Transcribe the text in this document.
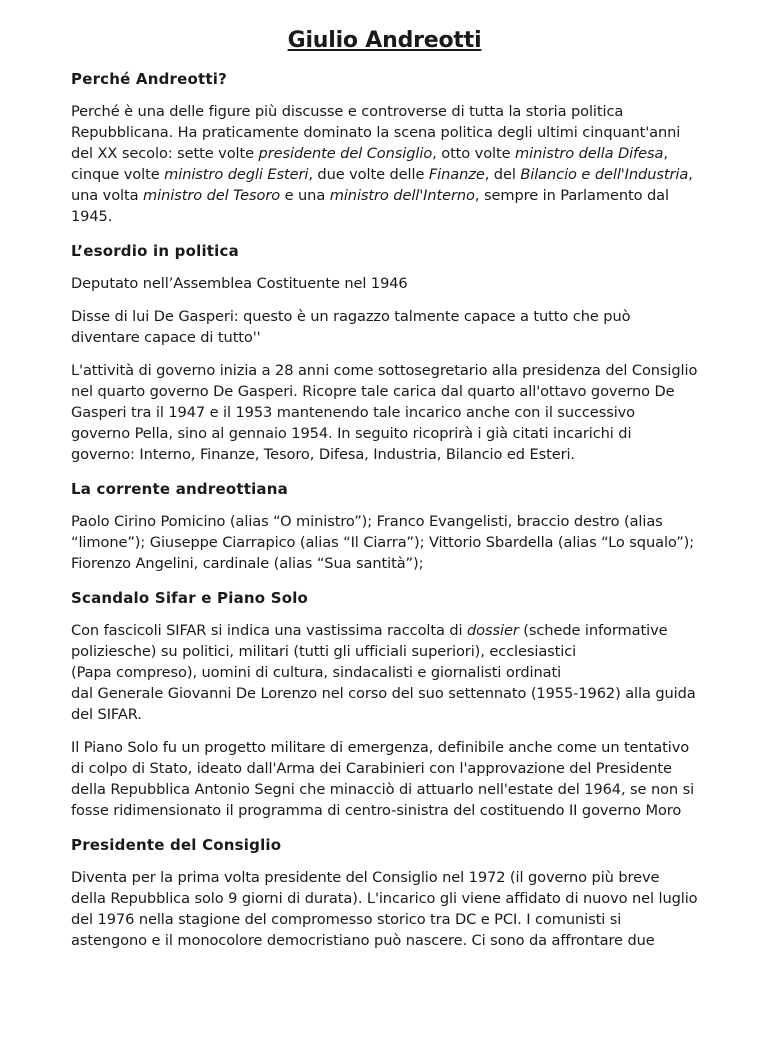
Giulio Andreotti
Perché Andreotti?

Perché è una delle figure più discusse e controverse di tutta la storia politica Repubblicana. Ha praticamente dominato la scena politica degli ultimi cinquant'anni del XX secolo: sette volte presidente del Consiglio, otto volte ministro della Difesa, cinque volte ministro degli Esteri, due volte delle Finanze, del Bilancio e dell'Industria, una volta ministro del Tesoro e una ministro dell'Interno, sempre in Parlamento dal 1945.

L’esordio in politica

Deputato nell’Assemblea Costituente nel 1946

Disse di lui De Gasperi: questo è un ragazzo talmente capace a tutto che può diventare capace di tutto''

L'attività di governo inizia a 28 anni come sottosegretario alla presidenza del Consiglio nel quarto governo De Gasperi. Ricopre tale carica dal quarto all'ottavo governo De Gasperi tra il 1947 e il 1953 mantenendo tale incarico anche con il successivo governo Pella, sino al gennaio 1954. In seguito ricoprirà i già citati incarichi di governo: Interno, Finanze, Tesoro, Difesa, Industria, Bilancio ed Esteri.

La corrente andreottiana

Paolo Cirino Pomicino (alias “O ministro”); Franco Evangelisti, braccio destro (alias “limone”); Giuseppe Ciarrapico (alias “Il Ciarra”); Vittorio Sbardella (alias “Lo squalo”); Fiorenzo Angelini, cardinale (alias “Sua santità”);

Scandalo Sifar e Piano Solo

Con fascicoli SIFAR si indica una vastissima raccolta di dossier (schede informative poliziesche) su politici, militari (tutti gli ufficiali superiori), ecclesiastici
(Papa compreso), uomini di cultura, sindacalisti e giornalisti ordinati
dal Generale Giovanni De Lorenzo nel corso del suo settennato (1955-1962) alla guida del SIFAR.

Il Piano Solo fu un progetto militare di emergenza, definibile anche come un tentativo di colpo di Stato, ideato dall'Arma dei Carabinieri con l'approvazione del Presidente della Repubblica Antonio Segni che minacciò di attuarlo nell'estate del 1964, se non si fosse ridimensionato il programma di centro-sinistra del costituendo II governo Moro

Presidente del Consiglio

Diventa per la prima volta presidente del Consiglio nel 1972 (il governo più breve della Repubblica solo 9 giorni di durata). L'incarico gli viene affidato di nuovo nel luglio del 1976 nella stagione del compromesso storico tra DC e PCI. I comunisti si astengono e il monocolore democristiano può nascere. Ci sono da affrontare due
